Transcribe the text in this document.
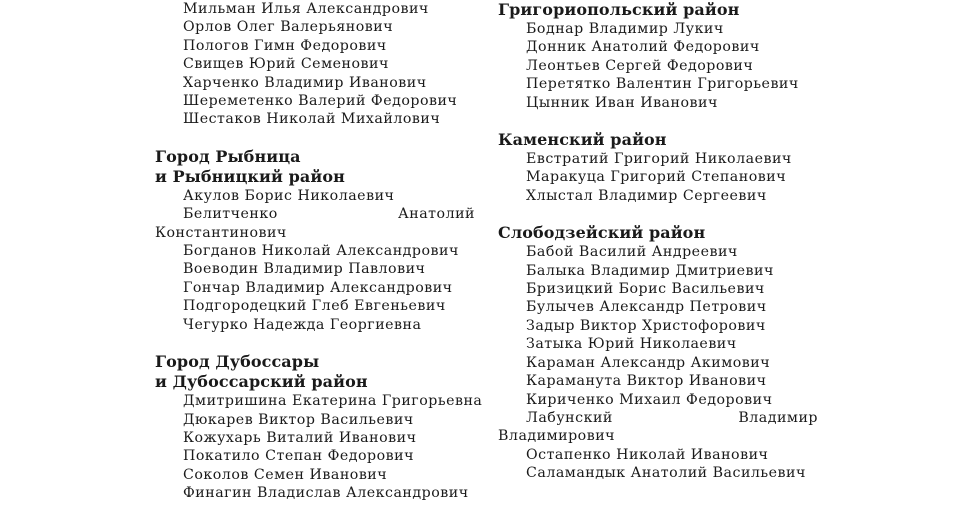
Мильман Илья Александрович
Орлов Олег Валерьянович
Пологов Гимн Федорович
Свищев Юрий Семенович
Харченко Владимир Иванович
Шереметенко Валерий Федорович
Шестаков Николай Михайлович
Город Рыбница
и Рыбницкий район
Акулов Борис Николаевич
Белитченко Анатолий Константинович
Богданов Николай Александрович
Воеводин Владимир Павлович
Гончар Владимир Александрович
Подгородецкий Глеб Евгеньевич
Чегурко Надежда Георгиевна
Город Дубоссары
и Дубоссарский район
Дмитришина Екатерина Григорьевна
Дюкарев Виктор Васильевич
Кожухарь Виталий Иванович
Покатило Степан Федорович
Соколов Семен Иванович
Финагин Владислав Александрович
Григориопольский район
Боднар Владимир Лукич
Донник Анатолий Федорович
Леонтьев Сергей Федорович
Перетятко Валентин Григорьевич
Цынник Иван Иванович
Каменский район
Евстратий Григорий Николаевич
Маракуца Григорий Степанович
Хлыстал Владимир Сергеевич
Слободзейский район
Бабой Василий Андреевич
Балыка Владимир Дмитриевич
Бризицкий Борис Васильевич
Булычев Александр Петрович
Задыр Виктор Христофорович
Затыка Юрий Николаевич
Караман Александр Акимович
Караманута Виктор Иванович
Кириченко Михаил Федорович
Лабунский Владимир Владимирович
Остапенко Николай Иванович
Саламандык Анатолий Васильевич
